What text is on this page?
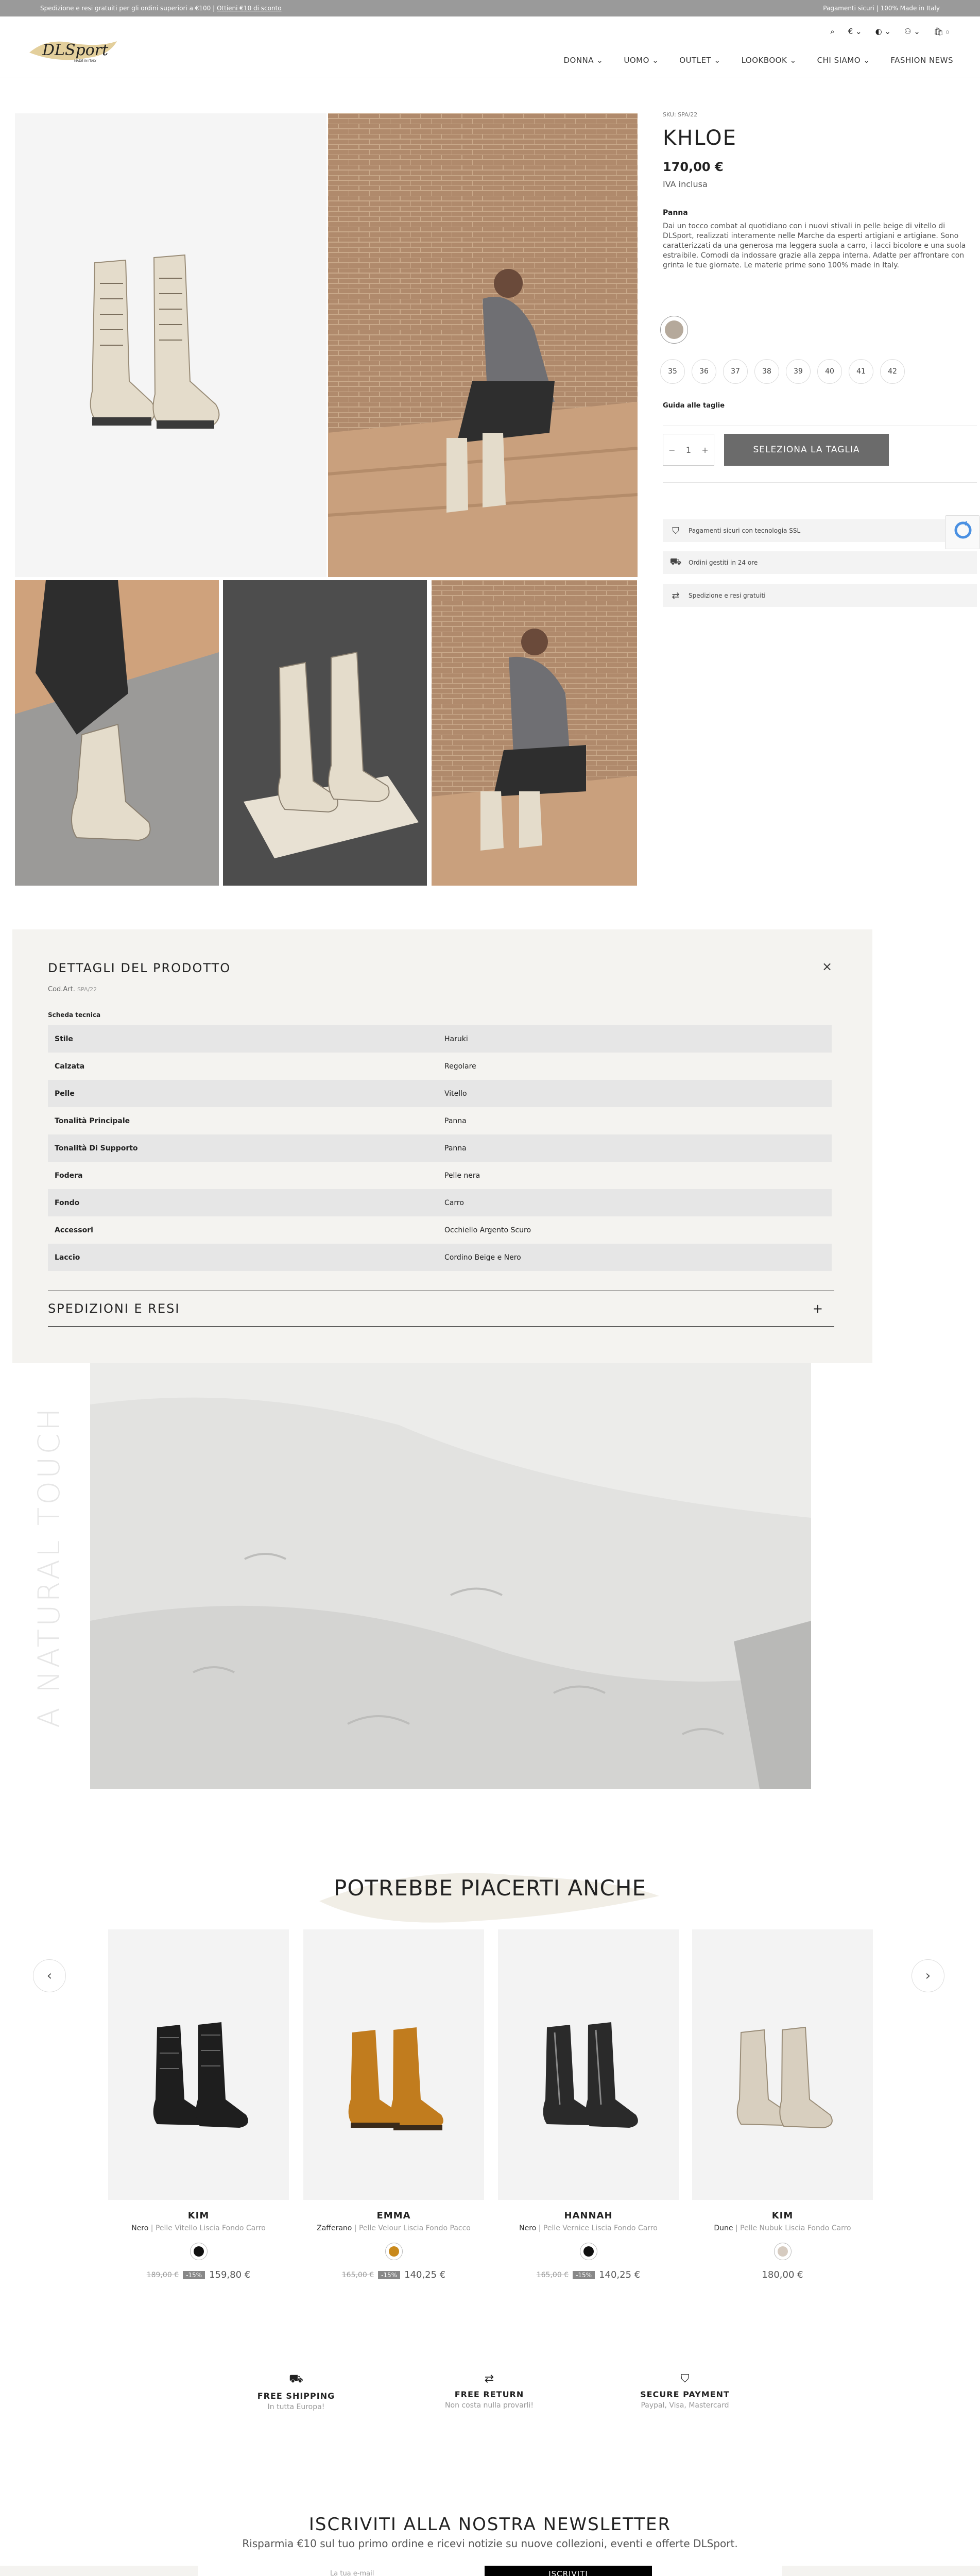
Spedizione e resi gratuiti per gli ordini superiori a €100 | Ottieni €10 di sconto	Pagamenti sicuri | 100% Made in Italy
DLSport
MADE IN ITALY
⌕ € ⌄ ◐ ⌄ ⚇ ⌄ 🛍 0
DONNA ⌄	UOMO ⌄	OUTLET ⌄	LOOKBOOK ⌄	CHI SIAMO ⌄	FASHION NEWS
SKU: SPA/22
KHLOE
170,00 €
IVA inclusa
Panna
Dai un tocco combat al quotidiano con i nuovi stivali in pelle beige di vitello di DLSport, realizzati interamente nelle Marche da esperti artigiani e artigiane. Sono caratterizzati da una generosa ma leggera suola a carro, i lacci bicolore e una suola estraibile. Comodi da indossare grazie alla zeppa interna. Adatte per affrontare con grinta le tue giornate. Le materie prime sono 100% made in Italy.
35	36	37	38	39	40	41	42
Guida alle taglie
− 1 +	SELEZIONA LA TAGLIA
⛉	Pagamenti sicuri con tecnologia SSL
⛟	Ordini gestiti in 24 ore
⇄	Spedizione e resi gratuiti
DETTAGLI DEL PRODOTTO	×
Cod.Art. SPA/22
Scheda tecnica
Stile	Haruki
Calzata	Regolare
Pelle	Vitello
Tonalità Principale	Panna
Tonalità Di Supporto	Panna
Fodera	Pelle nera
Fondo	Carro
Accessori	Occhiello Argento Scuro
Laccio	Cordino Beige e Nero
SPEDIZIONI E RESI	+
A NATURAL TOUCH
POTREBBE PIACERTI ANCHE
‹	›
KIM
Nero | Pelle Vitello Liscia Fondo Carro
189,00 €	-15% 159,80 €
EMMA
Zafferano | Pelle Velour Liscia Fondo Pacco
165,00 €	-15% 140,25 €
HANNAH
Nero | Pelle Vernice Liscia Fondo Carro
165,00 €	-15% 140,25 €
KIM
Dune | Pelle Nubuk Liscia Fondo Carro
180,00 €
⛟
FREE SHIPPING
In tutta Europa!
⇄
FREE RETURN
Non costa nulla provarli!
⛉
SECURE PAYMENT
Paypal, Visa, Mastercard
ISCRIVITI ALLA NOSTRA NEWSLETTER
Risparmia €10 sul tuo primo ordine e ricevi notizie su nuove collezioni, eventi e offerte DLSport.
La tua e-mail	ISCRIVITI
